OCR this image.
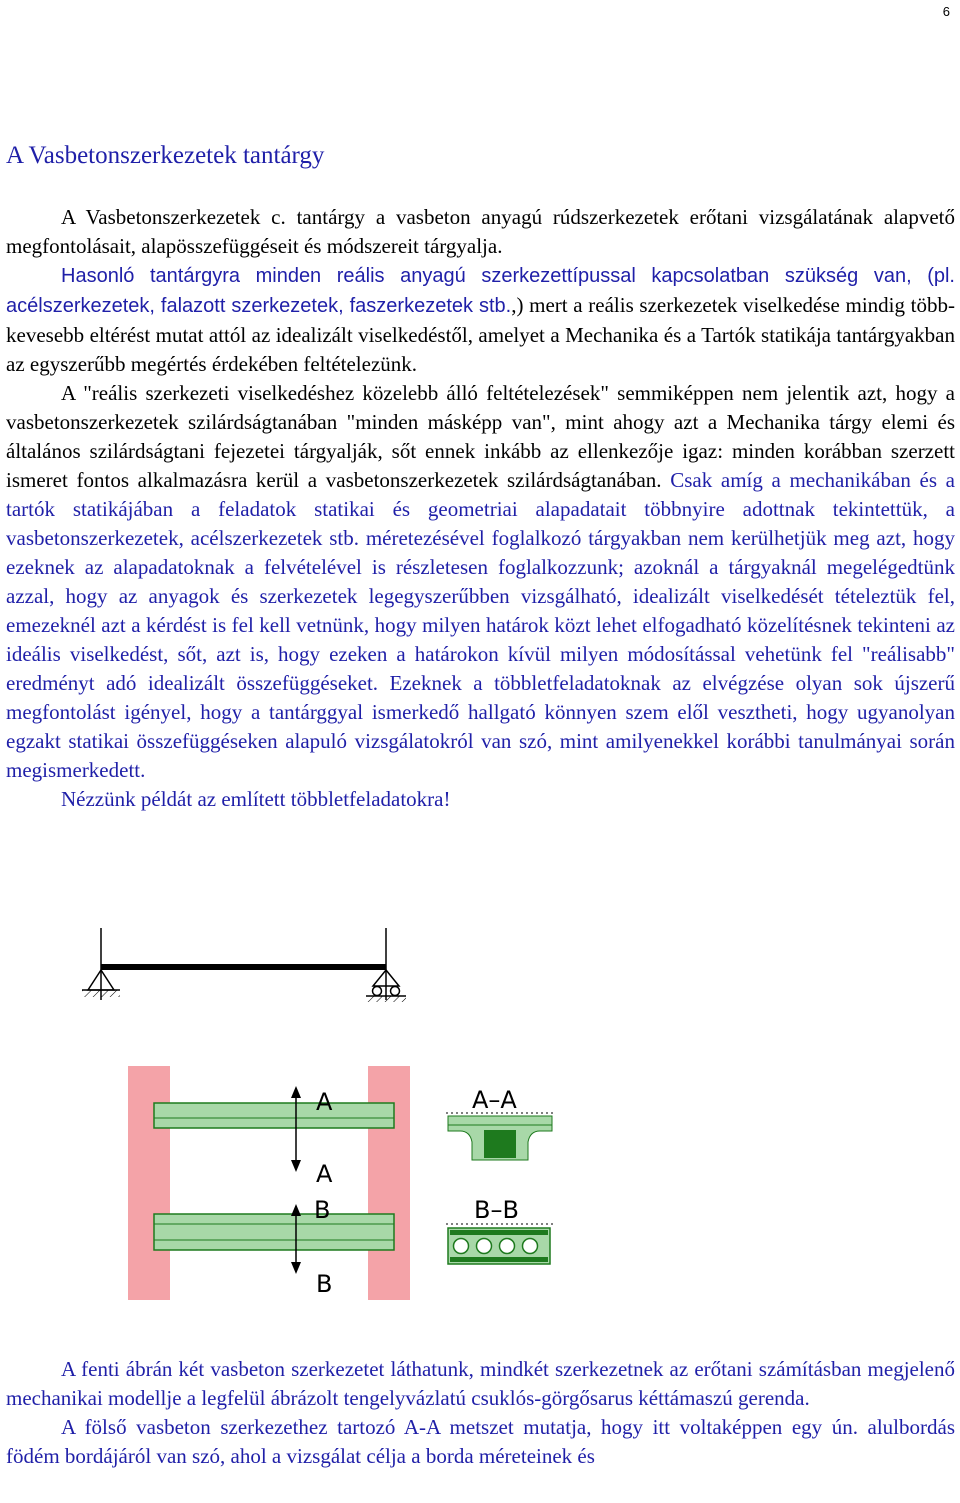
6
A Vasbetonszerkezetek tantárgy

A Vasbetonszerkezetek c. tantárgy a vasbeton anyagú rúdszerkezetek erőtani vizsgálatának alapvető megfontolásait, alapösszefüggéseit és módszereit tárgyalja.

Hasonló tantárgyra minden reális anyagú szerkezettípussal kapcsolatban szükség van, (pl. acélszerkezetek, falazott szerkezetek, faszerkezetek stb.,) mert a reális szerkezetek viselkedése mindig több-kevesebb eltérést mutat attól az idealizált viselkedéstől, amelyet a Mechanika és a Tartók statikája tantárgyakban az egyszerűbb megértés érdekében feltételezünk.

A "reális szerkezeti viselkedéshez közelebb álló feltételezések" semmiképpen nem jelentik azt, hogy a vasbetonszerkezetek szilárdságtanában "minden másképp van", mint ahogy azt a Mechanika tárgy elemi és általános szilárdságtani fejezetei tárgyalják, sőt ennek inkább az ellenkezője igaz: minden korábban szerzett ismeret fontos alkalmazásra kerül a vasbetonszerkezetek szilárdságtanában. Csak amíg a mechanikában és a tartók statikájában a feladatok statikai és geometriai alapadatait többnyire adottnak tekintettük, a vasbetonszerkezetek, acélszerkezetek stb. méretezésével foglalkozó tárgyakban nem kerülhetjük meg azt, hogy ezeknek az alapadatoknak a felvételével is részletesen foglalkozzunk; azoknál a tárgyaknál megelégedtünk azzal, hogy az anyagok és szerkezetek legegyszerűbben vizsgálható, idealizált viselkedését tételeztük fel, emezeknél azt a kérdést is fel kell vetnünk, hogy milyen határok közt lehet elfogadható közelítésnek tekinteni az ideális viselkedést, sőt, azt is, hogy ezeken a határokon kívül milyen módosítással vehetünk fel "reálisabb" eredményt adó idealizált összefüggéseket. Ezeknek a többletfeladatoknak az elvégzése olyan sok újszerű megfontolást igényel, hogy a tantárggyal ismerkedő hallgató könnyen szem elől vesztheti, hogy ugyanolyan egzakt statikai összefüggéseken alapuló vizsgálatokról van szó, mint amilyenekkel korábbi tanulmányai során megismerkedett.

Nézzünk példát az említett többletfeladatokra!

A
A
B
B
A–A
B–B

A fenti ábrán két vasbeton szerkezetet láthatunk, mindkét szerkezetnek az erőtani számításban megjelenő mechanikai modellje a legfelül ábrázolt tengelyvázlatú csuklós-görgősarus kéttámaszú gerenda.

A fölső vasbeton szerkezethez tartozó A-A metszet mutatja, hogy itt voltaképpen egy ún. alulbordás födém bordájáról van szó, ahol a vizsgálat célja a borda méreteinek és
